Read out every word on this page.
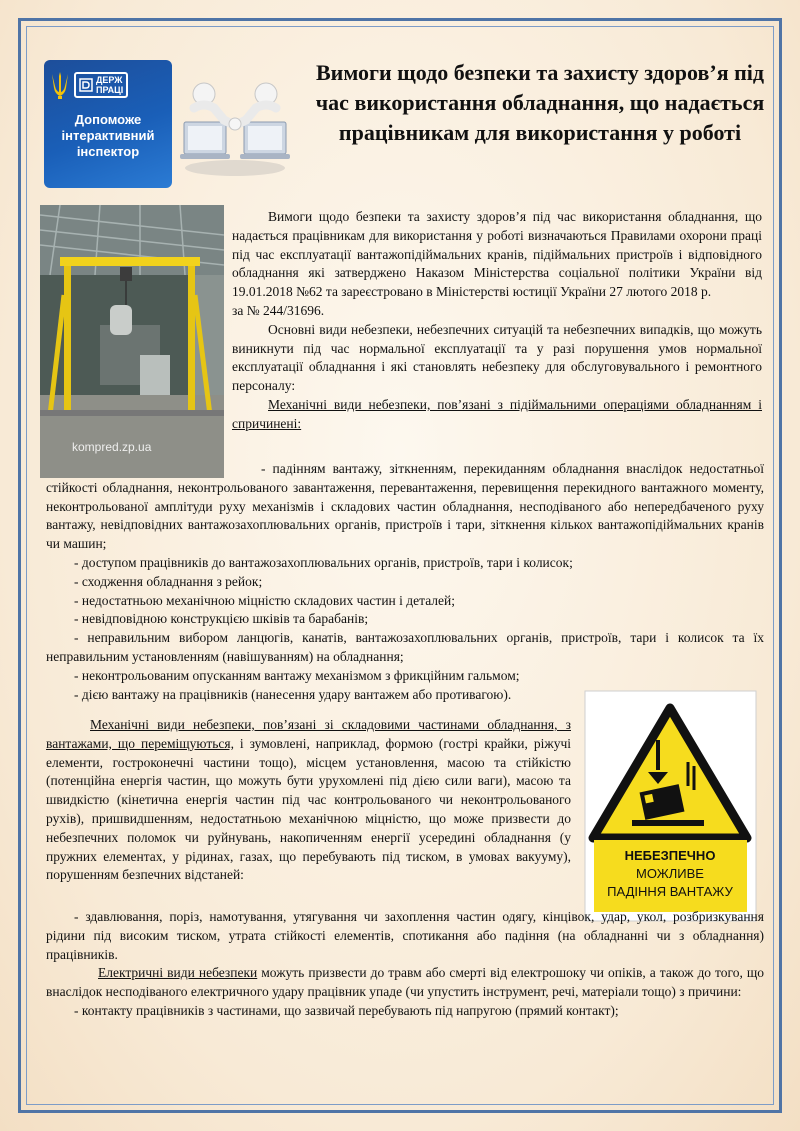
ДЕРЖ
ПРАЦІ
Допоможе інтерактивний інспектор
Вимоги щодо безпеки та захисту здоров’я під час використання обладнання, що надається працівникам для використання у роботі
kompred.zp.ua
НЕБЕЗПЕЧНО
МОЖЛИВЕ
ПАДІННЯ ВАНТАЖУ

Вимоги щодо безпеки та захисту здоров’я під час використання обладнання, що надається працівникам для використання у роботі визначаються Правилами охорони праці під час експлуатації вантажопідіймальних кранів, підіймальних пристроїв і відповідного обладнання які затверджено Наказом Міністерства соціальної політики України від 19.01.2018 №62 та зареєстровано в Міністерстві юстиції України 27 лютого 2018 р.

за № 244/31696.

Основні види небезпеки, небезпечних ситуацій та небезпечних випадків, що можуть виникнути під час нормальної експлуатації та у разі порушення умов нормальної експлуатації обладнання і які становлять небезпеку для обслуговувального і ремонтного персоналу:

Механічні види небезпеки, пов’язані з підіймальними операціями обладнанням і спричинені:

- падінням вантажу, зіткненням, перекиданням обладнання внаслідок недостатньої стійкості обладнання, неконтрольованого завантаження, перевантаження, перевищення перекидного вантажного моменту, неконтрольованої амплітуди руху механізмів і складових частин обладнання, несподіваного або непередбаченого руху вантажу, невідповідних вантажозахоплювальних органів, пристроїв і тари, зіткнення кількох вантажопідіймальних кранів чи машин;

- доступом працівників до вантажозахоплювальних органів, пристроїв, тари і колисок;

- сходження обладнання з рейок;

- недостатньою механічною міцністю складових частин і деталей;

- невідповідною конструкцією шківів та барабанів;

- неправильним вибором ланцюгів, канатів, вантажозахоплювальних органів, пристроїв, тари і колисок та їх неправильним установленням (навішуванням) на обладнання;

- неконтрольованим опусканням вантажу механізмом з фрикційним гальмом;

- дією вантажу на працівників (нанесення удару вантажем або противагою).

Механічні види небезпеки, пов’язані зі складовими частинами обладнання, з вантажами, що переміщуються, і зумовлені, наприклад, формою (гострі крайки, ріжучі елементи, гостроконечні частини тощо), місцем установлення, масою та стійкістю (потенційна енергія частин, що можуть бути урухомлені під дією сили ваги), масою та швидкістю (кінетична енергія частин під час контрольованого чи неконтрольованого рухів), пришвидшенням, недостатньою механічною міцністю, що може призвести до небезпечних поломок чи руйнувань, накопиченням енергії усередині обладнання (у пружних елементах, у рідинах, газах, що перебувають під тиском, в умовах вакууму), порушенням безпечних відстаней:

- здавлювання, поріз, намотування, утягування чи захоплення частин одягу, кінцівок, удар, укол, розбризкування рідини під високим тиском, утрата стійкості елементів, спотикання або падіння (на обладнанні чи з обладнання) працівників.

Електричні види небезпеки можуть призвести до травм або смерті від електрошоку чи опіків, а також до того, що внаслідок несподіваного електричного удару працівник упаде (чи упустить інструмент, речі, матеріали тощо) з причини:

- контакту працівників з частинами, що зазвичай перебувають під напругою (прямий контакт);
